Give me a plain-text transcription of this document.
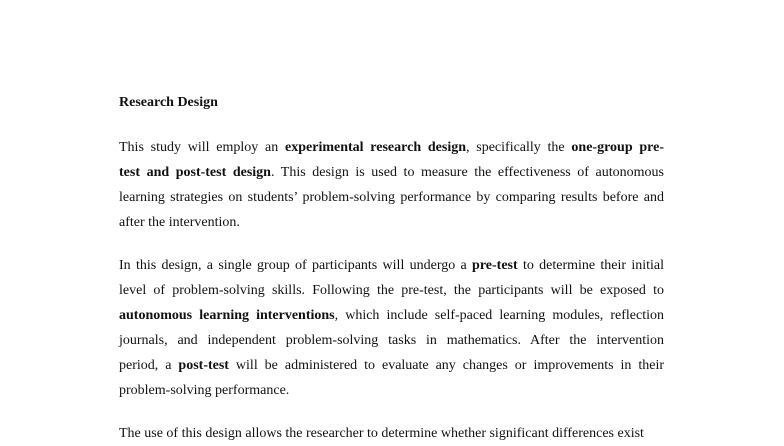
Research Design

This study will employ an experimental research design, specifically the one-group pre-
test and post-test design. This design is used to measure the effectiveness of autonomous
learning strategies on students’ problem-solving performance by comparing results before and
after the intervention.

In this design, a single group of participants will undergo a pre-test to determine their initial
level of problem-solving skills. Following the pre-test, the participants will be exposed to
autonomous learning interventions, which include self-paced learning modules, reflection
journals, and independent problem-solving tasks in mathematics. After the intervention
period, a post-test will be administered to evaluate any changes or improvements in their
problem-solving performance.

The use of this design allows the researcher to determine whether significant differences exist
